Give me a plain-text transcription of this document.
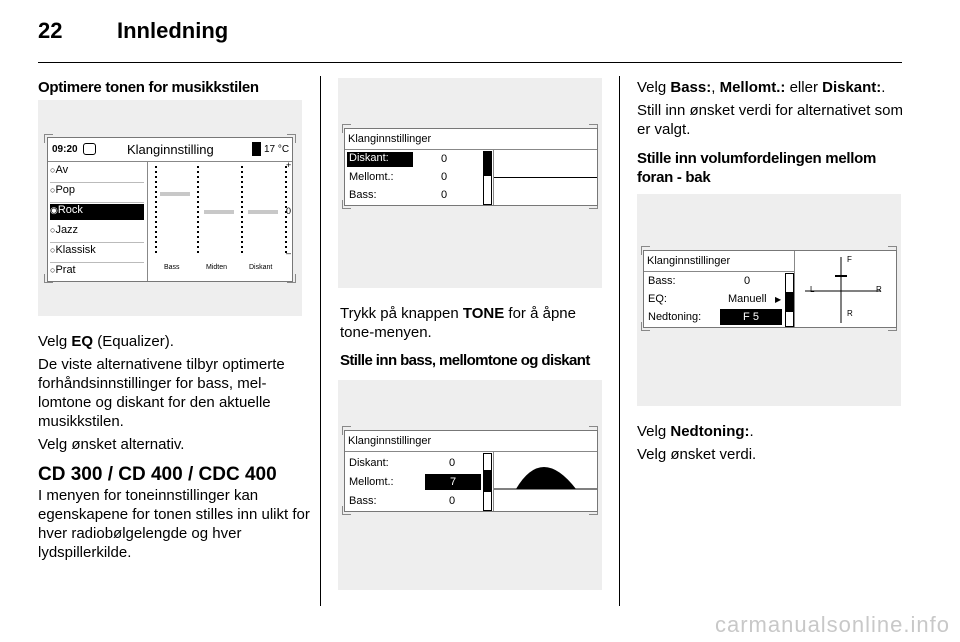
22 Innledning

Optimere tonen for musikkstilen

09:20	Klanginnstilling	17 °C
○Av
○Pop
◉Rock
○Jazz
○Klassisk
○Prat
+
0
–
Bass	Midten	Diskant

Velg EQ (Equalizer).

De viste alternativene tilbyr optimerte forhåndsinnstillinger for bass, mellomtone og diskant for den aktuelle musikkstilen.

Velg ønsket alternativ.

CD 300 / CD 400 / CDC 400

I menyen for toneinnstillinger kan egenskapene for tonen stilles inn ulikt for hver radiobølgelengde og hver lydspillerkilde.

Klanginnstillinger
Diskant:	0
Mellomt.:	0
Bass:	0

Trykk på knappen TONE for å åpne tone-menyen.

Stille inn bass, mellomtone og diskant

Klanginnstillinger
Diskant:	0
Mellomt.:	7
Bass:	0

Velg Bass:, Mellomt.: eller Diskant:.

Still inn ønsket verdi for alternativet som er valgt.

Stille inn volumfordelingen mellom foran - bak

Klanginnstillinger
Bass:	0
EQ:	Manuell ▶
Nedtoning:	F 5
F
L	R
R

Velg Nedtoning:.

Velg ønsket verdi.

carmanualsonline.info
